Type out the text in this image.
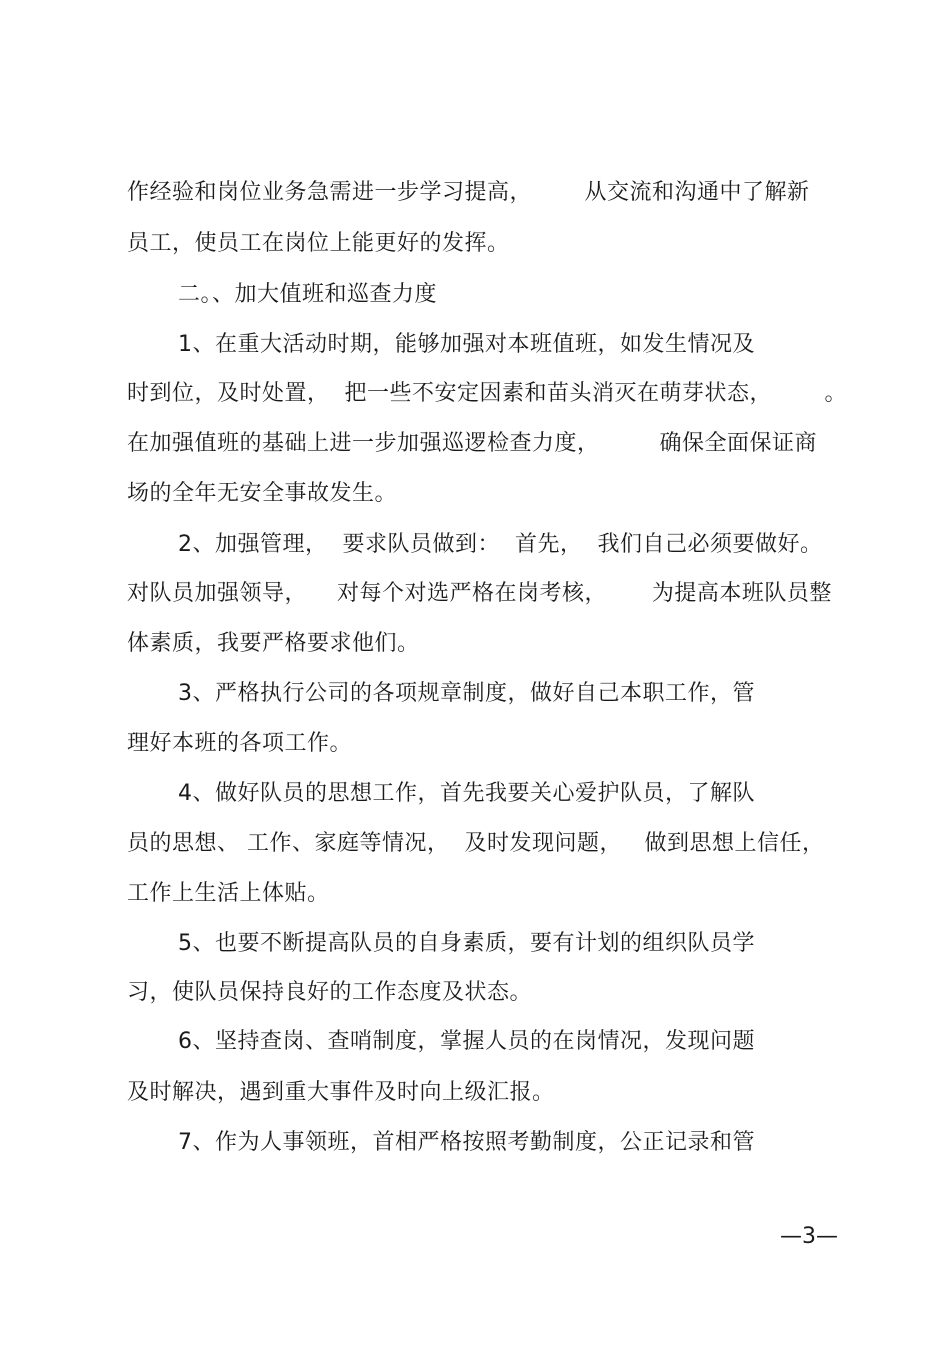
作经验和岗位业务急需进一步学习提高，       从交流和沟通中了解新
员工，使员工在岗位上能更好的发挥。
二。、加大值班和巡查力度
1、在重大活动时期，能够加强对本班值班，如发生情况及
时到位，及时处置，  把一些不安定因素和苗头消灭在萌芽状态，       。
在加强值班的基础上进一步加强巡逻检查力度，        确保全面保证商
场的全年无安全事故发生。
2、加强管理，  要求队员做到：  首先，  我们自己必须要做好。
对队员加强领导，    对每个对选严格在岗考核，      为提高本班队员整
体素质，我要严格要求他们。
3、严格执行公司的各项规章制度，做好自己本职工作，管
理好本班的各项工作。
4、做好队员的思想工作，首先我要关心爱护队员，了解队
员的思想、 工作、家庭等情况，  及时发现问题，   做到思想上信任，
工作上生活上体贴。
5、也要不断提高队员的自身素质，要有计划的组织队员学
习，使队员保持良好的工作态度及状态。
6、坚持查岗、查哨制度，掌握人员的在岗情况，发现问题
及时解决，遇到重大事件及时向上级汇报。
7、作为人事领班，首相严格按照考勤制度，公正记录和管
—3—
